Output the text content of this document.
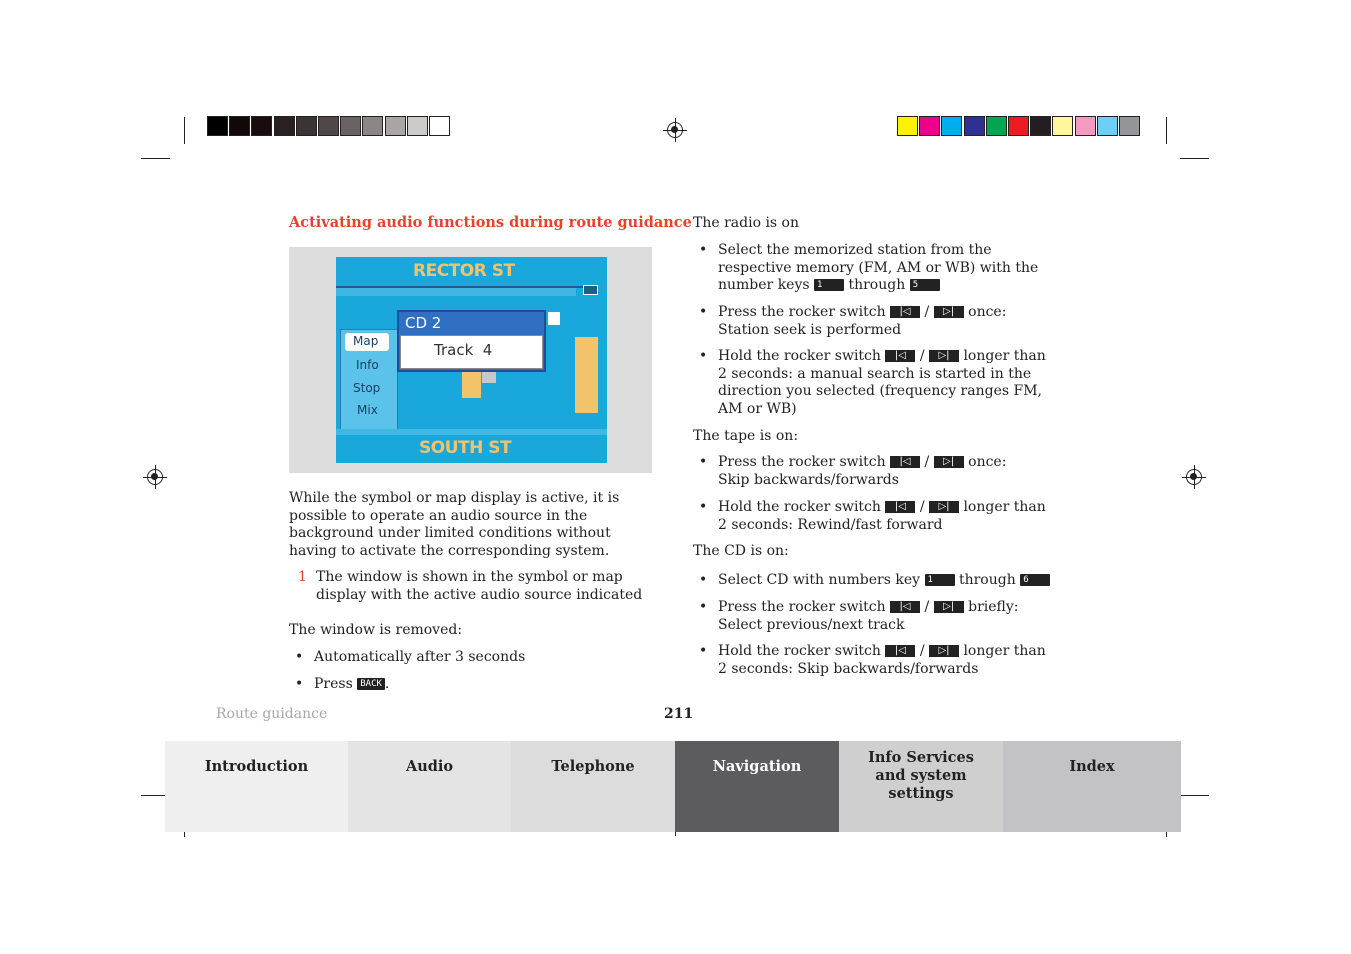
Activating audio functions during route guidance
RECTOR ST
Map
Info
Stop
Mix
CD 2
Track  4
SOUTH ST
While the symbol or map display is active, it is possible to operate an audio source in the background under limited conditions without having to activate the corresponding system.
1 The window is shown in the symbol or map display with the active audio source indicated
The window is removed:
• Automatically after 3 seconds
• Press BACK .
The radio is on
• Select the memorized station from the respective memory (FM, AM or WB) with the number keys 1 through 5
• Press the rocker switch |◁ / ▷| once:
Station seek is performed
• Hold the rocker switch |◁ / ▷| longer than
2 seconds: a manual search is started in the direction you selected (frequency ranges FM, AM or WB)
The tape is on:
• Press the rocker switch |◁ / ▷| once:
Skip backwards/forwards
• Hold the rocker switch |◁ / ▷| longer than
2 seconds: Rewind/fast forward
The CD is on:
• Select CD with numbers key 1 through 6
• Press the rocker switch |◁ / ▷| briefly:
Select previous/next track
• Hold the rocker switch |◁ / ▷| longer than
2 seconds: Skip backwards/forwards
Route guidance	211
Introduction	Audio	Telephone	Navigation
Info Services and system settings
Index
